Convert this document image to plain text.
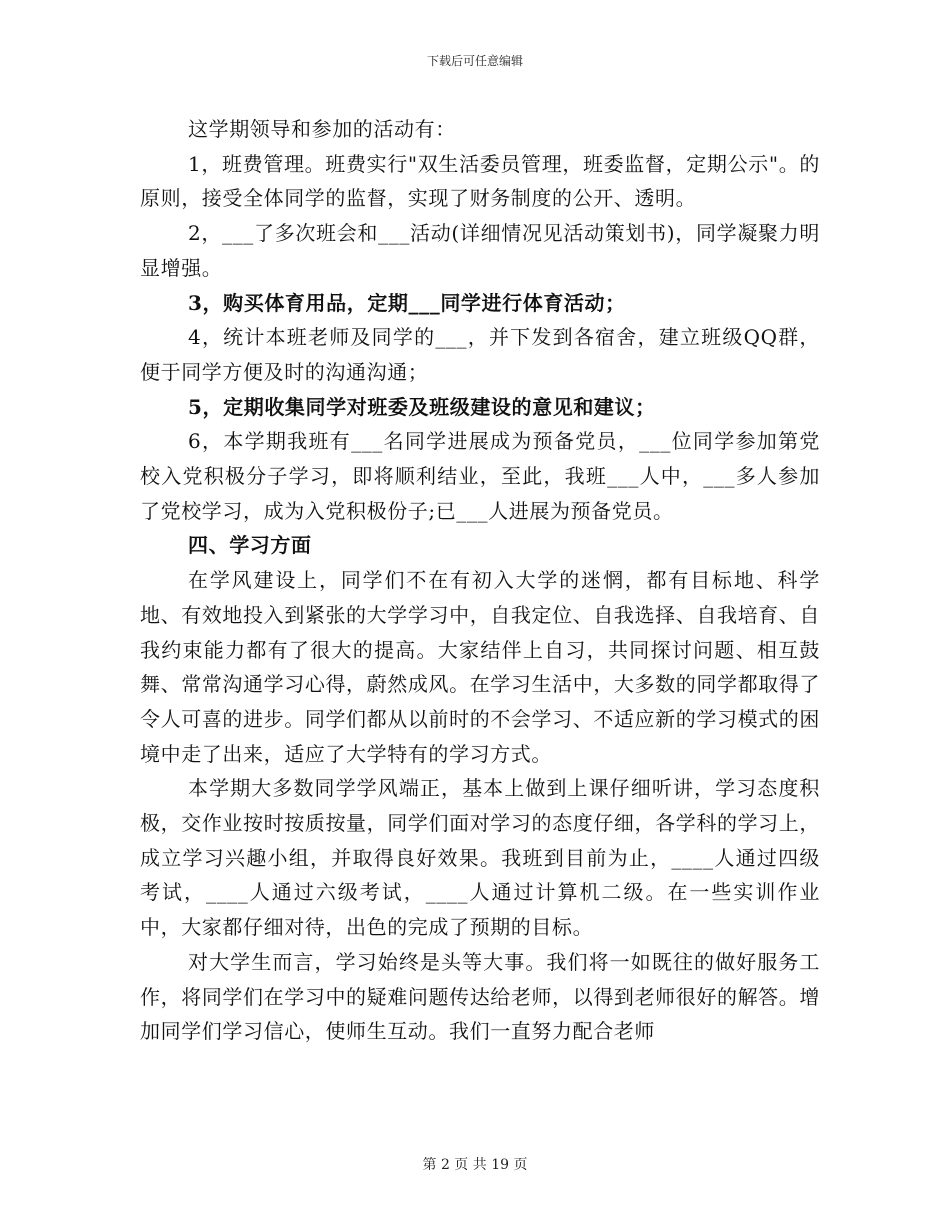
下载后可任意编辑

这学期领导和参加的活动有：

1，班费管理。班费实行"双生活委员管理，班委监督，定期公示"。的原则，接受全体同学的监督，实现了财务制度的公开、透明。

2，___了多次班会和___活动(详细情况见活动策划书)，同学凝聚力明显增强。

3，购买体育用品，定期___同学进行体育活动；

4，统计本班老师及同学的___，并下发到各宿舍，建立班级QQ群，便于同学方便及时的沟通沟通；

5，定期收集同学对班委及班级建设的意见和建议；

6，本学期我班有___名同学进展成为预备党员，___位同学参加第党校入党积极分子学习，即将顺利结业，至此，我班___人中，___多人参加了党校学习，成为入党积极份子;已___人进展为预备党员。

四、学习方面

在学风建设上，同学们不在有初入大学的迷惘，都有目标地、科学地、有效地投入到紧张的大学学习中，自我定位、自我选择、自我培育、自我约束能力都有了很大的提高。大家结伴上自习，共同探讨问题、相互鼓舞、常常沟通学习心得，蔚然成风。在学习生活中，大多数的同学都取得了令人可喜的进步。同学们都从以前时的不会学习、不适应新的学习模式的困境中走了出来，适应了大学特有的学习方式。

本学期大多数同学学风端正，基本上做到上课仔细听讲，学习态度积极，交作业按时按质按量，同学们面对学习的态度仔细，各学科的学习上，成立学习兴趣小组，并取得良好效果。我班到目前为止，____人通过四级考试，____人通过六级考试，____人通过计算机二级。在一些实训作业中，大家都仔细对待，出色的完成了预期的目标。

对大学生而言，学习始终是头等大事。我们将一如既往的做好服务工作，将同学们在学习中的疑难问题传达给老师，以得到老师很好的解答。增加同学们学习信心，使师生互动。我们一直努力配合老师

第 2 页 共 19 页
